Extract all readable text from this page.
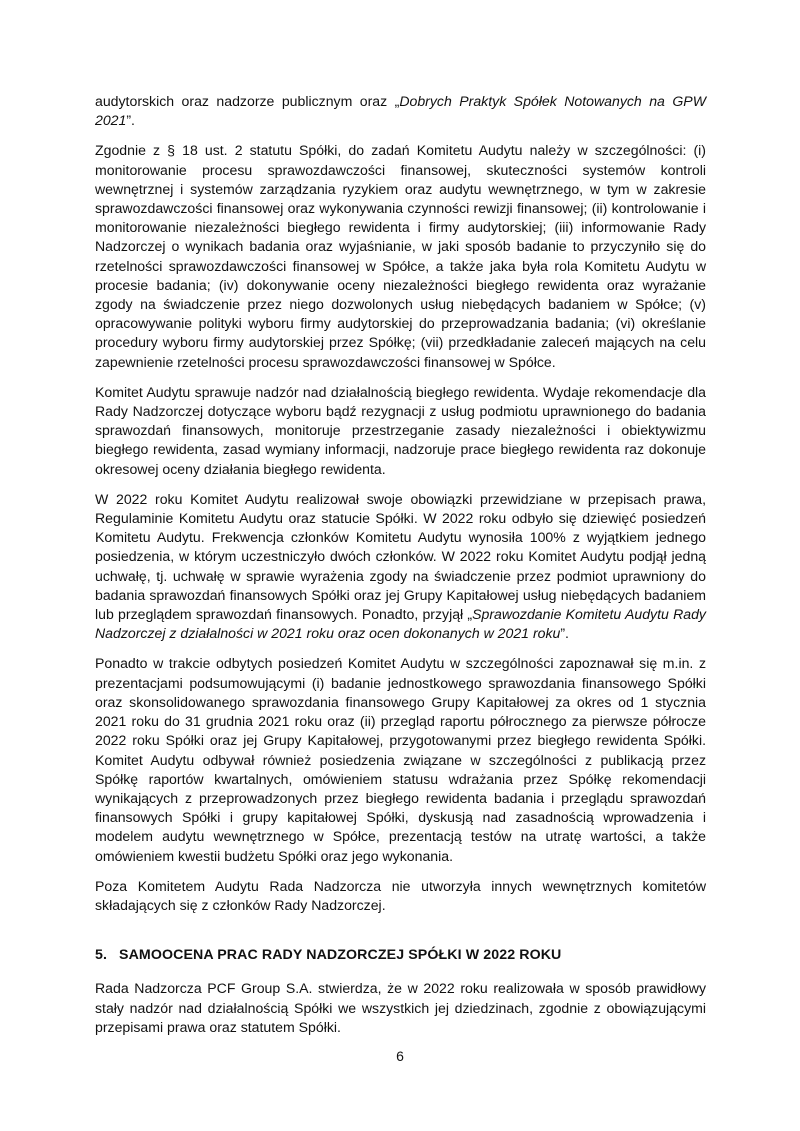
audytorskich oraz nadzorze publicznym oraz „Dobrych Praktyk Spółek Notowanych na GPW 2021”.

Zgodnie z § 18 ust. 2 statutu Spółki, do zadań Komitetu Audytu należy w szczególności: (i) monitorowanie procesu sprawozdawczości finansowej, skuteczności systemów kontroli wewnętrznej i systemów zarządzania ryzykiem oraz audytu wewnętrznego, w tym w zakresie sprawozdawczości finansowej oraz wykonywania czynności rewizji finansowej; (ii) kontrolowanie i monitorowanie niezależności biegłego rewidenta i firmy audytorskiej; (iii) informowanie Rady Nadzorczej o wynikach badania oraz wyjaśnianie, w jaki sposób badanie to przyczyniło się do rzetelności sprawozdawczości finansowej w Spółce, a także jaka była rola Komitetu Audytu w procesie badania; (iv) dokonywanie oceny niezależności biegłego rewidenta oraz wyrażanie zgody na świadczenie przez niego dozwolonych usług niebędących badaniem w Spółce; (v) opracowywanie polityki wyboru firmy audytorskiej do przeprowadzania badania; (vi) określanie procedury wyboru firmy audytorskiej przez Spółkę; (vii) przedkładanie zaleceń mających na celu zapewnienie rzetelności procesu sprawozdawczości finansowej w Spółce.

Komitet Audytu sprawuje nadzór nad działalnością biegłego rewidenta. Wydaje rekomendacje dla Rady Nadzorczej dotyczące wyboru bądź rezygnacji z usług podmiotu uprawnionego do badania sprawozdań finansowych, monitoruje przestrzeganie zasady niezależności i obiektywizmu biegłego rewidenta, zasad wymiany informacji, nadzoruje prace biegłego rewidenta raz dokonuje okresowej oceny działania biegłego rewidenta.

W 2022 roku Komitet Audytu realizował swoje obowiązki przewidziane w przepisach prawa, Regulaminie Komitetu Audytu oraz statucie Spółki. W 2022 roku odbyło się dziewięć posiedzeń Komitetu Audytu. Frekwencja członków Komitetu Audytu wynosiła 100% z wyjątkiem jednego posiedzenia, w którym uczestniczyło dwóch członków. W 2022 roku Komitet Audytu podjął jedną uchwałę, tj. uchwałę w sprawie wyrażenia zgody na świadczenie przez podmiot uprawniony do badania sprawozdań finansowych Spółki oraz jej Grupy Kapitałowej usług niebędących badaniem lub przeglądem sprawozdań finansowych. Ponadto, przyjął „Sprawozdanie Komitetu Audytu Rady Nadzorczej z działalności w 2021 roku oraz ocen dokonanych w 2021 roku”.

Ponadto w trakcie odbytych posiedzeń Komitet Audytu w szczególności zapoznawał się m.in. z prezentacjami podsumowującymi (i) badanie jednostkowego sprawozdania finansowego Spółki oraz skonsolidowanego sprawozdania finansowego Grupy Kapitałowej za okres od 1 stycznia 2021 roku do 31 grudnia 2021 roku oraz (ii) przegląd raportu półrocznego za pierwsze półrocze 2022 roku Spółki oraz jej Grupy Kapitałowej, przygotowanymi przez biegłego rewidenta Spółki. Komitet Audytu odbywał również posiedzenia związane w szczególności z publikacją przez Spółkę raportów kwartalnych, omówieniem statusu wdrażania przez Spółkę rekomendacji wynikających z przeprowadzonych przez biegłego rewidenta badania i przeglądu sprawozdań finansowych Spółki i grupy kapitałowej Spółki, dyskusją nad zasadnością wprowadzenia i modelem audytu wewnętrznego w Spółce, prezentacją testów na utratę wartości, a także omówieniem kwestii budżetu Spółki oraz jego wykonania.

Poza Komitetem Audytu Rada Nadzorcza nie utworzyła innych wewnętrznych komitetów składających się z członków Rady Nadzorczej.

5. SAMOOCENA PRAC RADY NADZORCZEJ SPÓŁKI W 2022 ROKU

Rada Nadzorcza PCF Group S.A. stwierdza, że w 2022 roku realizowała w sposób prawidłowy stały nadzór nad działalnością Spółki we wszystkich jej dziedzinach, zgodnie z obowiązującymi przepisami prawa oraz statutem Spółki.

6
